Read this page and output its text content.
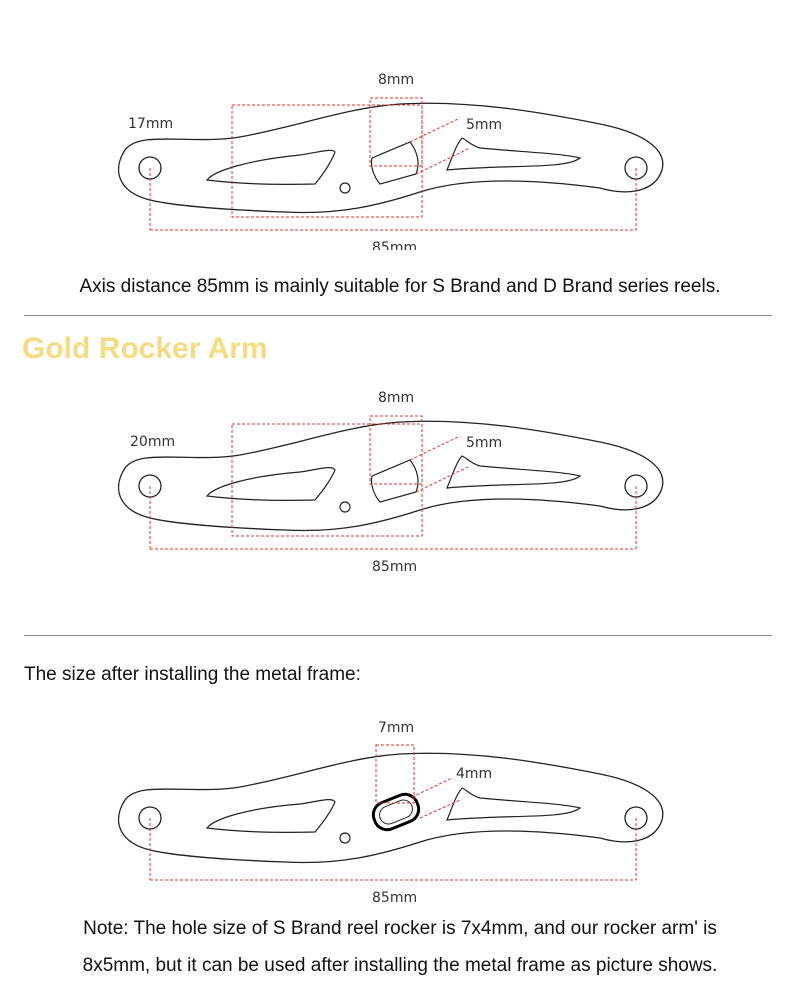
8mm
17mm	5mm
85mm
Axis distance 85mm is mainly suitable for S Brand and D Brand series reels.
Gold Rocker Arm
8mm
20mm	5mm
85mm
The size after installing the metal frame:
7mm
4mm
85mm
Note: The hole size of S Brand reel rocker is 7x4mm, and our rocker arm' is
8x5mm, but it can be used after installing the metal frame as picture shows.
